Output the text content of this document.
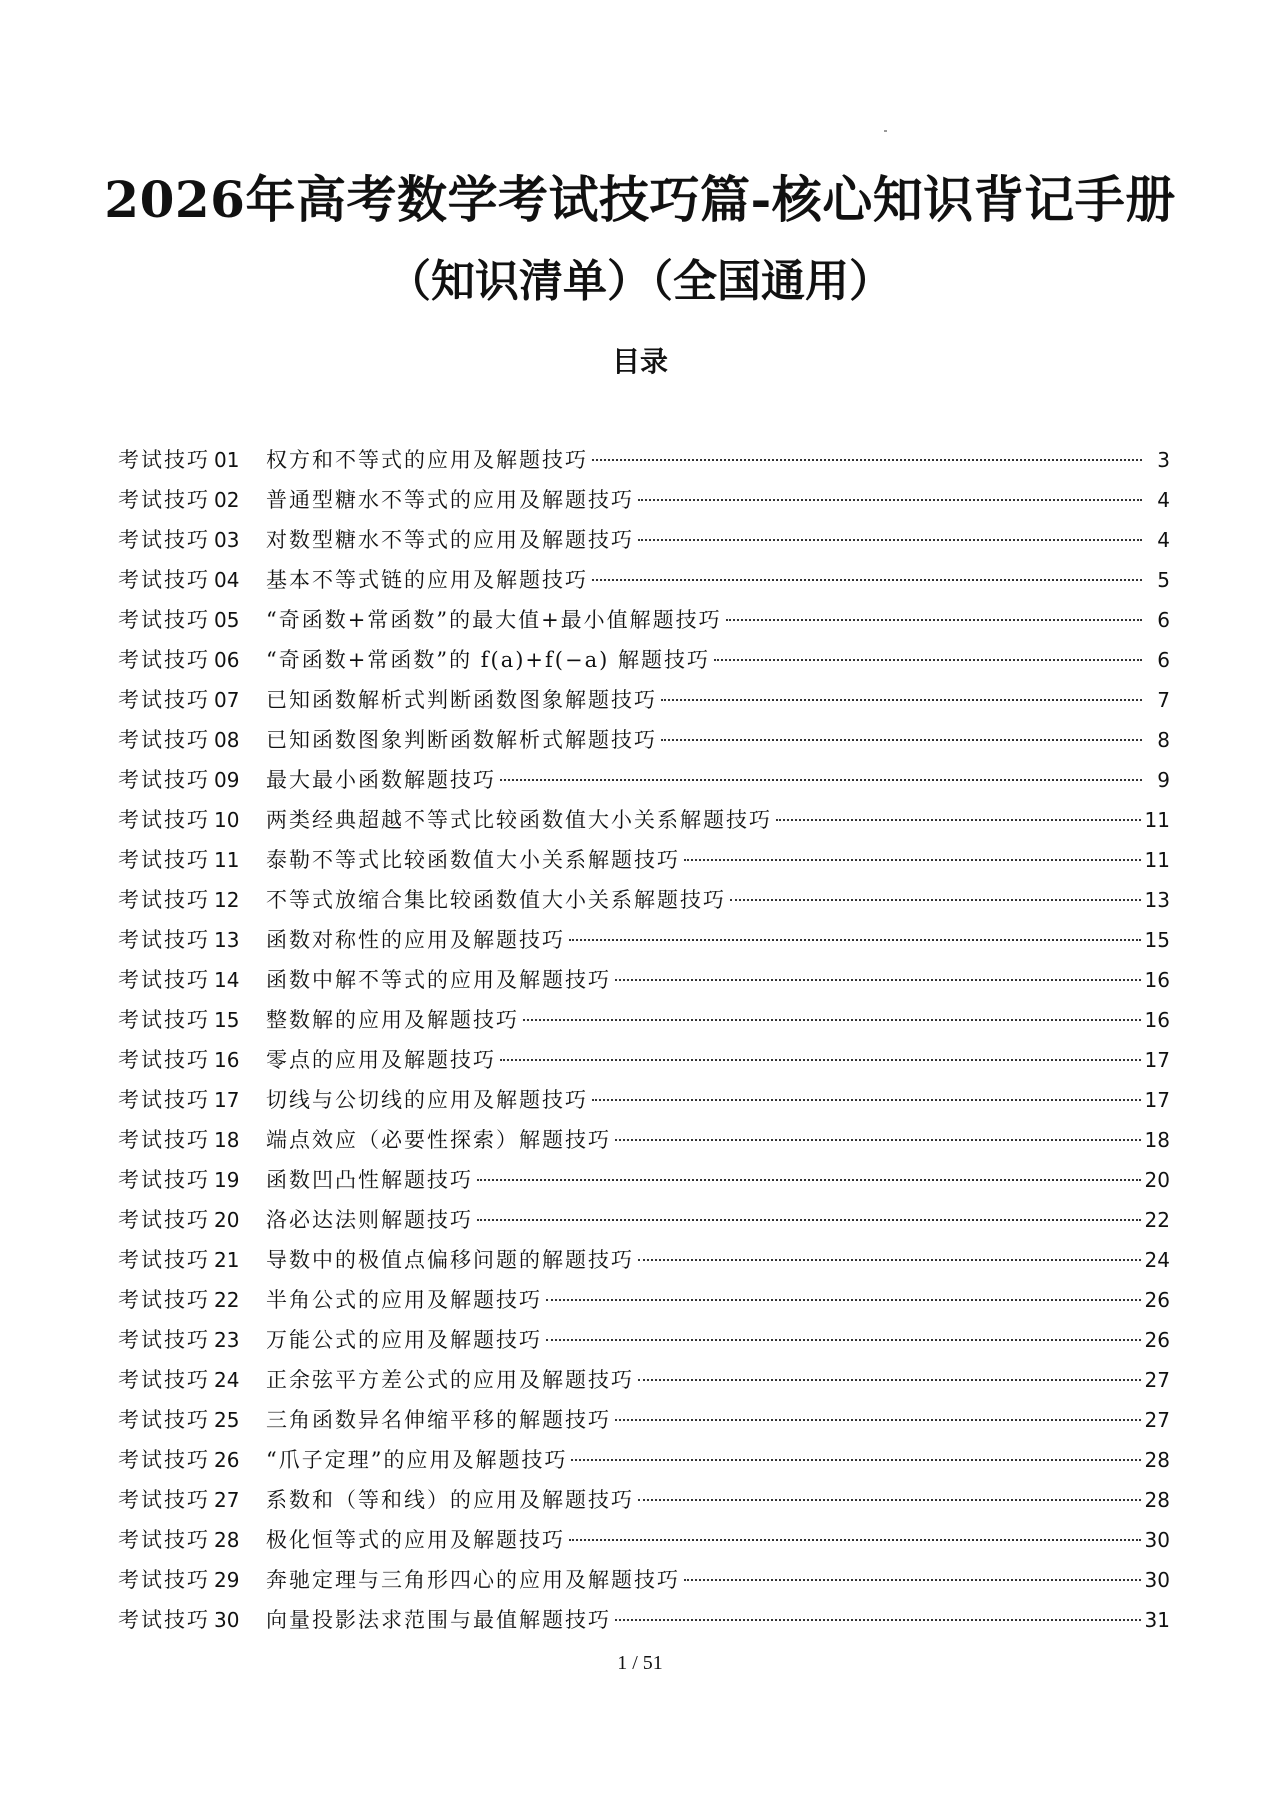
2026年高考数学考试技巧篇-核心知识背记手册
（知识清单）（全国通用）
目录
考试技巧 01	权方和不等式的应用及解题技巧	3
考试技巧 02	普通型糖水不等式的应用及解题技巧	4
考试技巧 03	对数型糖水不等式的应用及解题技巧	4
考试技巧 04	基本不等式链的应用及解题技巧	5
考试技巧 05	“奇函数+常函数”的最大值+最小值解题技巧	6
考试技巧 06	“奇函数+常函数”的 f(a)+f(−a) 解题技巧	6
考试技巧 07	已知函数解析式判断函数图象解题技巧	7
考试技巧 08	已知函数图象判断函数解析式解题技巧	8
考试技巧 09	最大最小函数解题技巧	9
考试技巧 10	两类经典超越不等式比较函数值大小关系解题技巧	11
考试技巧 11	泰勒不等式比较函数值大小关系解题技巧	11
考试技巧 12	不等式放缩合集比较函数值大小关系解题技巧	13
考试技巧 13	函数对称性的应用及解题技巧	15
考试技巧 14	函数中解不等式的应用及解题技巧	16
考试技巧 15	整数解的应用及解题技巧	16
考试技巧 16	零点的应用及解题技巧	17
考试技巧 17	切线与公切线的应用及解题技巧	17
考试技巧 18	端点效应（必要性探索）解题技巧	18
考试技巧 19	函数凹凸性解题技巧	20
考试技巧 20	洛必达法则解题技巧	22
考试技巧 21	导数中的极值点偏移问题的解题技巧	24
考试技巧 22	半角公式的应用及解题技巧	26
考试技巧 23	万能公式的应用及解题技巧	26
考试技巧 24	正余弦平方差公式的应用及解题技巧	27
考试技巧 25	三角函数异名伸缩平移的解题技巧	27
考试技巧 26	“爪子定理”的应用及解题技巧	28
考试技巧 27	系数和（等和线）的应用及解题技巧	28
考试技巧 28	极化恒等式的应用及解题技巧	30
考试技巧 29	奔驰定理与三角形四心的应用及解题技巧	30
考试技巧 30	向量投影法求范围与最值解题技巧	31
1 / 51
